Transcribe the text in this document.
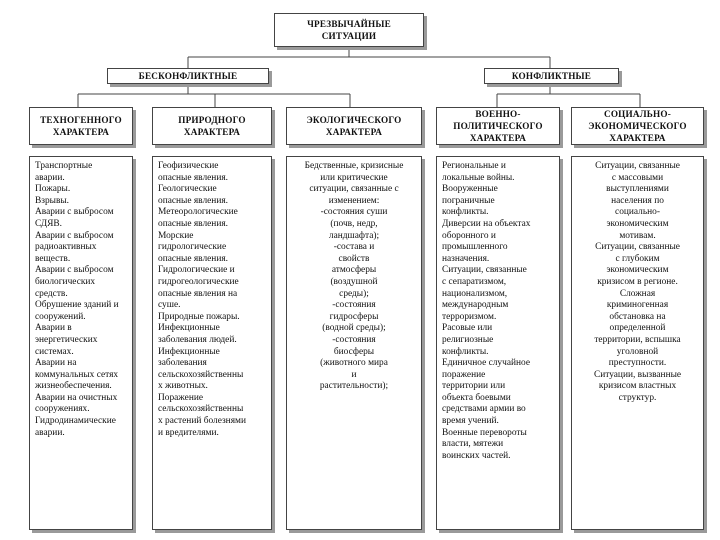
ЧРЕЗВЫЧАЙНЫЕ
СИТУАЦИИ
БЕСКОНФЛИКТНЫЕ	КОНФЛИКТНЫЕ
ТЕХНОГЕННОГО ХАРАКТЕРА
ПРИРОДНОГО ХАРАКТЕРА
ЭКОЛОГИЧЕСКОГО ХАРАКТЕРА
ВОЕННО-
ПОЛИТИЧЕСКОГО
ХАРАКТЕРА
СОЦИАЛЬНО-
ЭКОНОМИЧЕСКОГО
ХАРАКТЕРА
Транспортные
аварии.
Пожары.
Взрывы.
Аварии с выбросом
СДЯВ.
Аварии с выбросом
радиоактивных
веществ.
Аварии с выбросом
биологических
средств.
Обрушение зданий и
сооружений.
Аварии в
энергетических
системах.
Аварии на
коммунальных сетях
жизнеобеспечения.
Аварии на очистных
сооружениях.
Гидродинамические
аварии.
Геофизические
опасные явления.
Геологические
опасные явления.
Метеорологические
опасные явления.
Морские
гидрологические
опасные явления.
Гидрологические и
гидрогеологические
опасные явления на
суше.
Природные пожары.
Инфекционные
заболевания людей.
Инфекционные
заболевания
сельскохозяйственны
х животных.
Поражение
сельскохозяйственны
х растений болезнями
и вредителями.
Бедственные, кризисные
или критические
ситуации, связанные с
изменением:
-состояния суши
(почв, недр,
ландшафта);
-состава и
свойств
атмосферы
(воздушной
среды);
-состояния
гидросферы
(водной среды);
-состояния
биосферы
(животного мира
и
растительности);
Региональные и
локальные войны.
Вооруженные
пограничные
конфликты.
Диверсии на объектах
оборонного и
промышленного
назначения.
Ситуации, связанные
с сепаратизмом,
национализмом,
международным
терроризмом.
Расовые или
религиозные
конфликты.
Единичное случайное
поражение
территории или
объекта боевыми
средствами армии во
время учений.
Военные перевороты
власти, мятежи
воинских частей.
Ситуации, связанные
с массовыми
выступлениями
населения по
социально-
экономическим
мотивам.
Ситуации, связанные
с глубоким
экономическим
кризисом в регионе.
Сложная
криминогенная
обстановка на
определенной
территории, вспышка
уголовной
преступности.
Ситуации, вызванные
кризисом властных
структур.
